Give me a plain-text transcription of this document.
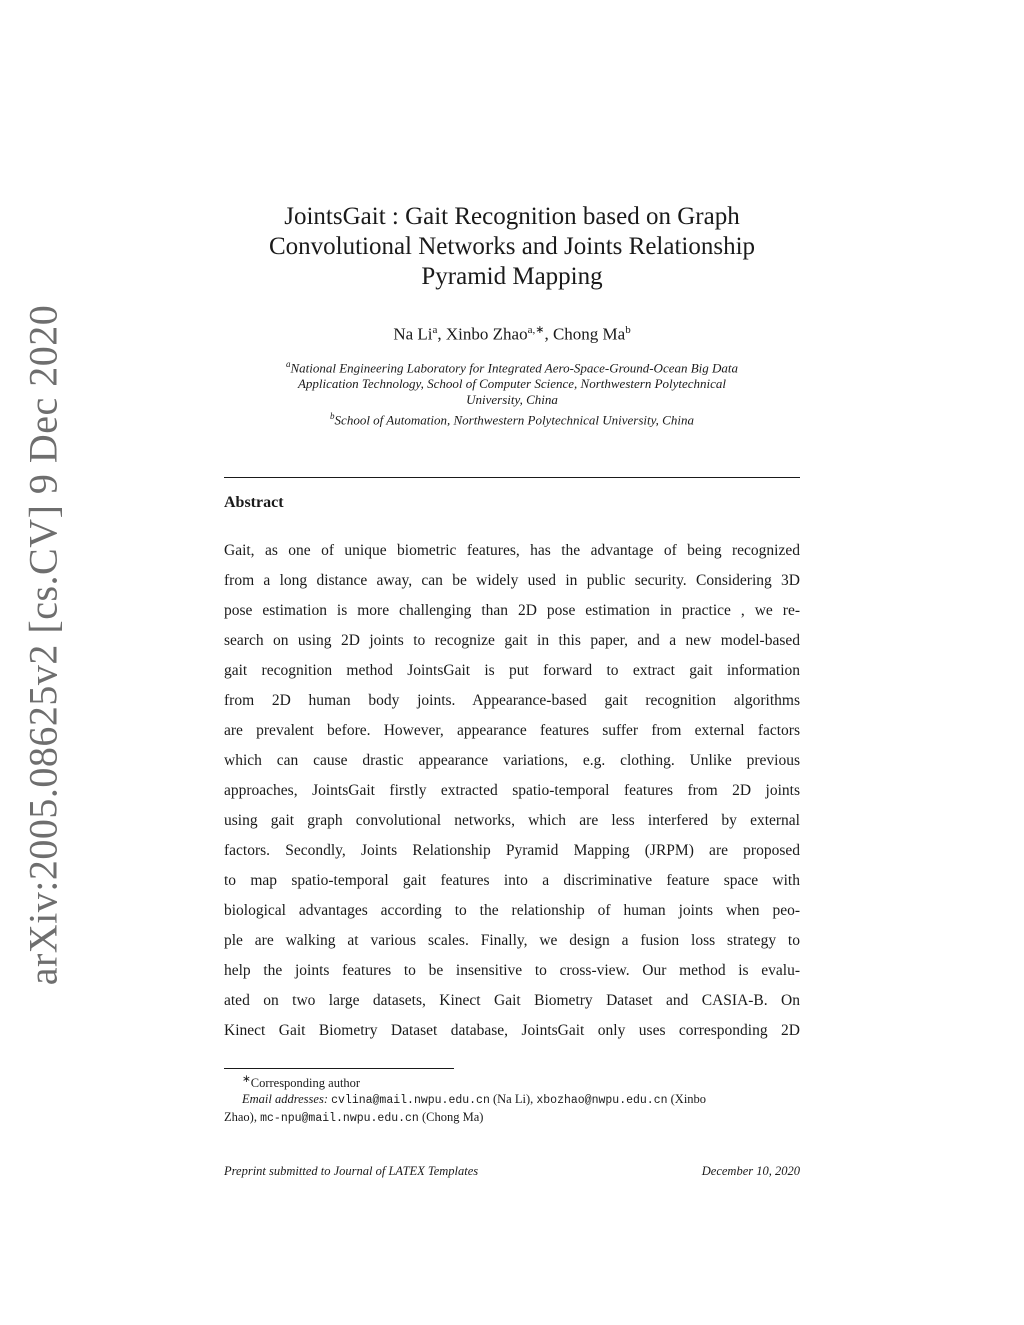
arXiv:2005.08625v2 [cs.CV] 9 Dec 2020
JointsGait : Gait Recognition based on Graph
Convolutional Networks and Joints Relationship
Pyramid Mapping
Na Li$^a$, Xinbo Zhao$^{a,∗}$, Chong Ma$^b$
$^a$National Engineering Laboratory for Integrated Aero-Space-Ground-Ocean Big Data
Application Technology, School of Computer Science, Northwestern Polytechnical
University, China
$^b$School of Automation, Northwestern Polytechnical University, China
Abstract
Gait, as one of unique biometric features, has the advantage of being recognized
from a long distance away, can be widely used in public security. Considering 3D
pose estimation is more challenging than 2D pose estimation in practice , we re-
search on using 2D joints to recognize gait in this paper, and a new model-based
gait recognition method JointsGait is put forward to extract gait information
from 2D human body joints. Appearance-based gait recognition algorithms
are prevalent before. However, appearance features suffer from external factors
which can cause drastic appearance variations, e.g. clothing. Unlike previous
approaches, JointsGait firstly extracted spatio-temporal features from 2D joints
using gait graph convolutional networks, which are less interfered by external
factors. Secondly, Joints Relationship Pyramid Mapping (JRPM) are proposed
to map spatio-temporal gait features into a discriminative feature space with
biological advantages according to the relationship of human joints when peo-
ple are walking at various scales. Finally, we design a fusion loss strategy to
help the joints features to be insensitive to cross-view. Our method is evalu-
ated on two large datasets, Kinect Gait Biometry Dataset and CASIA-B. On
Kinect Gait Biometry Dataset database, JointsGait only uses corresponding 2D
∗Corresponding author
Email addresses: cvlina@mail.nwpu.edu.cn (Na Li), xbozhao@nwpu.edu.cn (Xinbo
Zhao), mc-npu@mail.nwpu.edu.cn (Chong Ma)
Preprint submitted to Journal of LATEX Templates	December 10, 2020
